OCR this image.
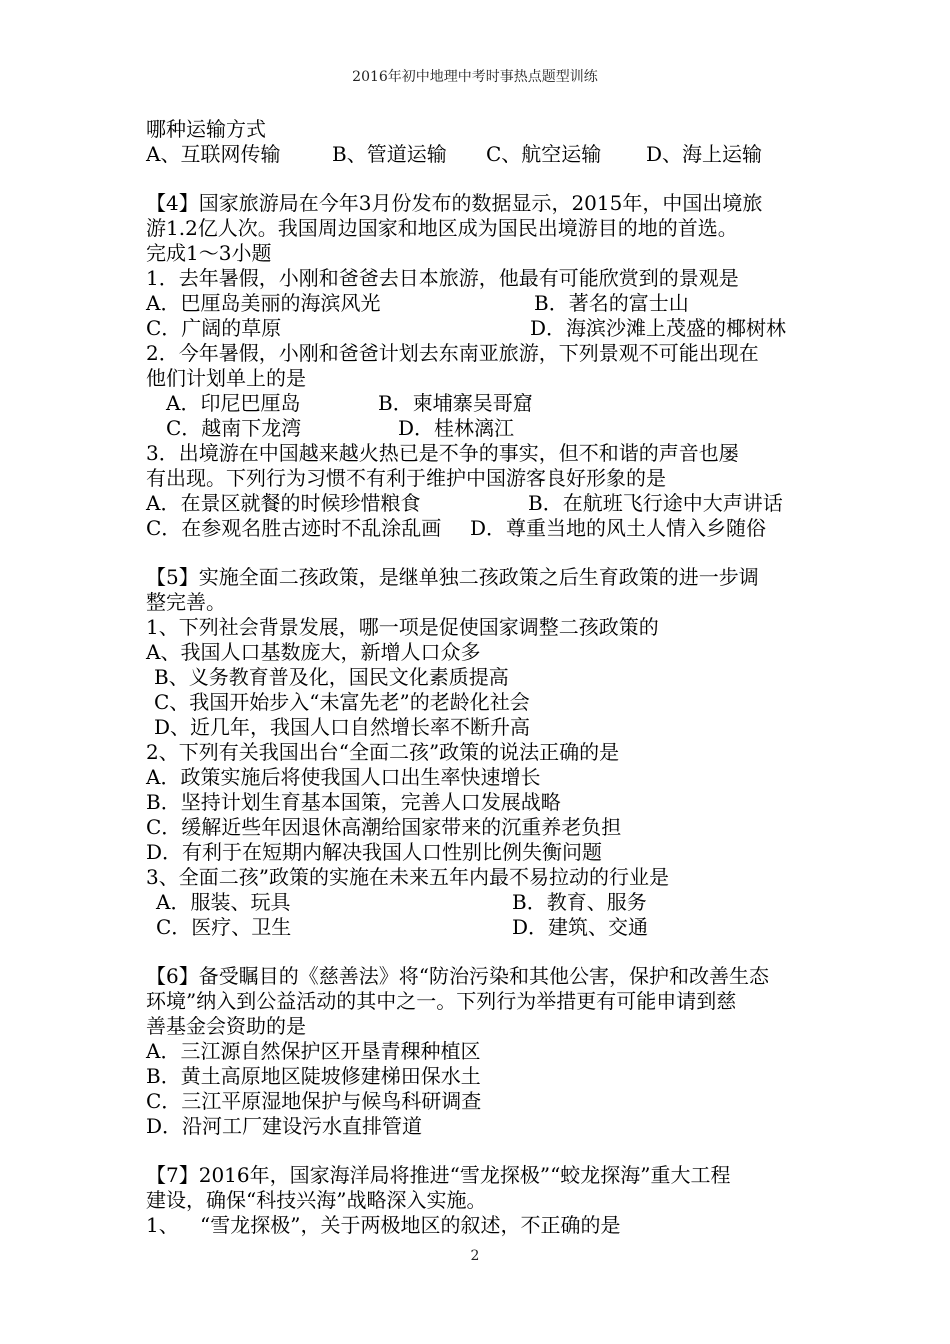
2016年初中地理中考时事热点题型训练
哪种运输方式
A、互联网传输	B、管道运输 C、航空运输 D、海上运输
【4】国家旅游局在今年3月份发布的数据显示，2015年，中国出境旅
游1.2亿人次。我国周边国家和地区成为国民出境游目的地的首选。
完成1～3小题
1．去年暑假，小刚和爸爸去日本旅游，他最有可能欣赏到的景观是
A．巴厘岛美丽的海滨风光	B．著名的富士山
C．广阔的草原	D．海滨沙滩上茂盛的椰树林
2．今年暑假，小刚和爸爸计划去东南亚旅游，下列景观不可能出现在
他们计划单上的是
A．印尼巴厘岛	B．柬埔寨吴哥窟
C．越南下龙湾	D．桂林漓江
3．出境游在中国越来越火热已是不争的事实，但不和谐的声音也屡
有出现。下列行为习惯不有利于维护中国游客良好形象的是
A．在景区就餐的时候珍惜粮食	B．在航班飞行途中大声讲话
C．在参观名胜古迹时不乱涂乱画 D．尊重当地的风土人情入乡随俗
【5】实施全面二孩政策，是继单独二孩政策之后生育政策的进一步调
整完善。
1、下列社会背景发展，哪一项是促使国家调整二孩政策的
A、我国人口基数庞大，新增人口众多
B、义务教育普及化，国民文化素质提高
C、我国开始步入“未富先老”的老龄化社会
D、近几年，我国人口自然增长率不断升高
2、下列有关我国出台“全面二孩”政策的说法正确的是
A．政策实施后将使我国人口出生率快速增长
B．坚持计划生育基本国策，完善人口发展战略
C．缓解近些年因退休高潮给国家带来的沉重养老负担
D．有利于在短期内解决我国人口性别比例失衡问题
3、全面二孩”政策的实施在未来五年内最不易拉动的行业是
A．服装、玩具	B．教育、服务
C．医疗、卫生	D．建筑、交通
【6】备受瞩目的《慈善法》将“防治污染和其他公害，保护和改善生态
环境”纳入到公益活动的其中之一。下列行为举措更有可能申请到慈
善基金会资助的是
A．三江源自然保护区开垦青稞种植区
B．黄土高原地区陡坡修建梯田保水土
C．三江平原湿地保护与候鸟科研调查
D．沿河工厂建设污水直排管道
【7】2016年，国家海洋局将推进“雪龙探极”“蛟龙探海”重大工程
建设，确保“科技兴海”战略深入实施。
1、 “雪龙探极”，关于两极地区的叙述，不正确的是
2
